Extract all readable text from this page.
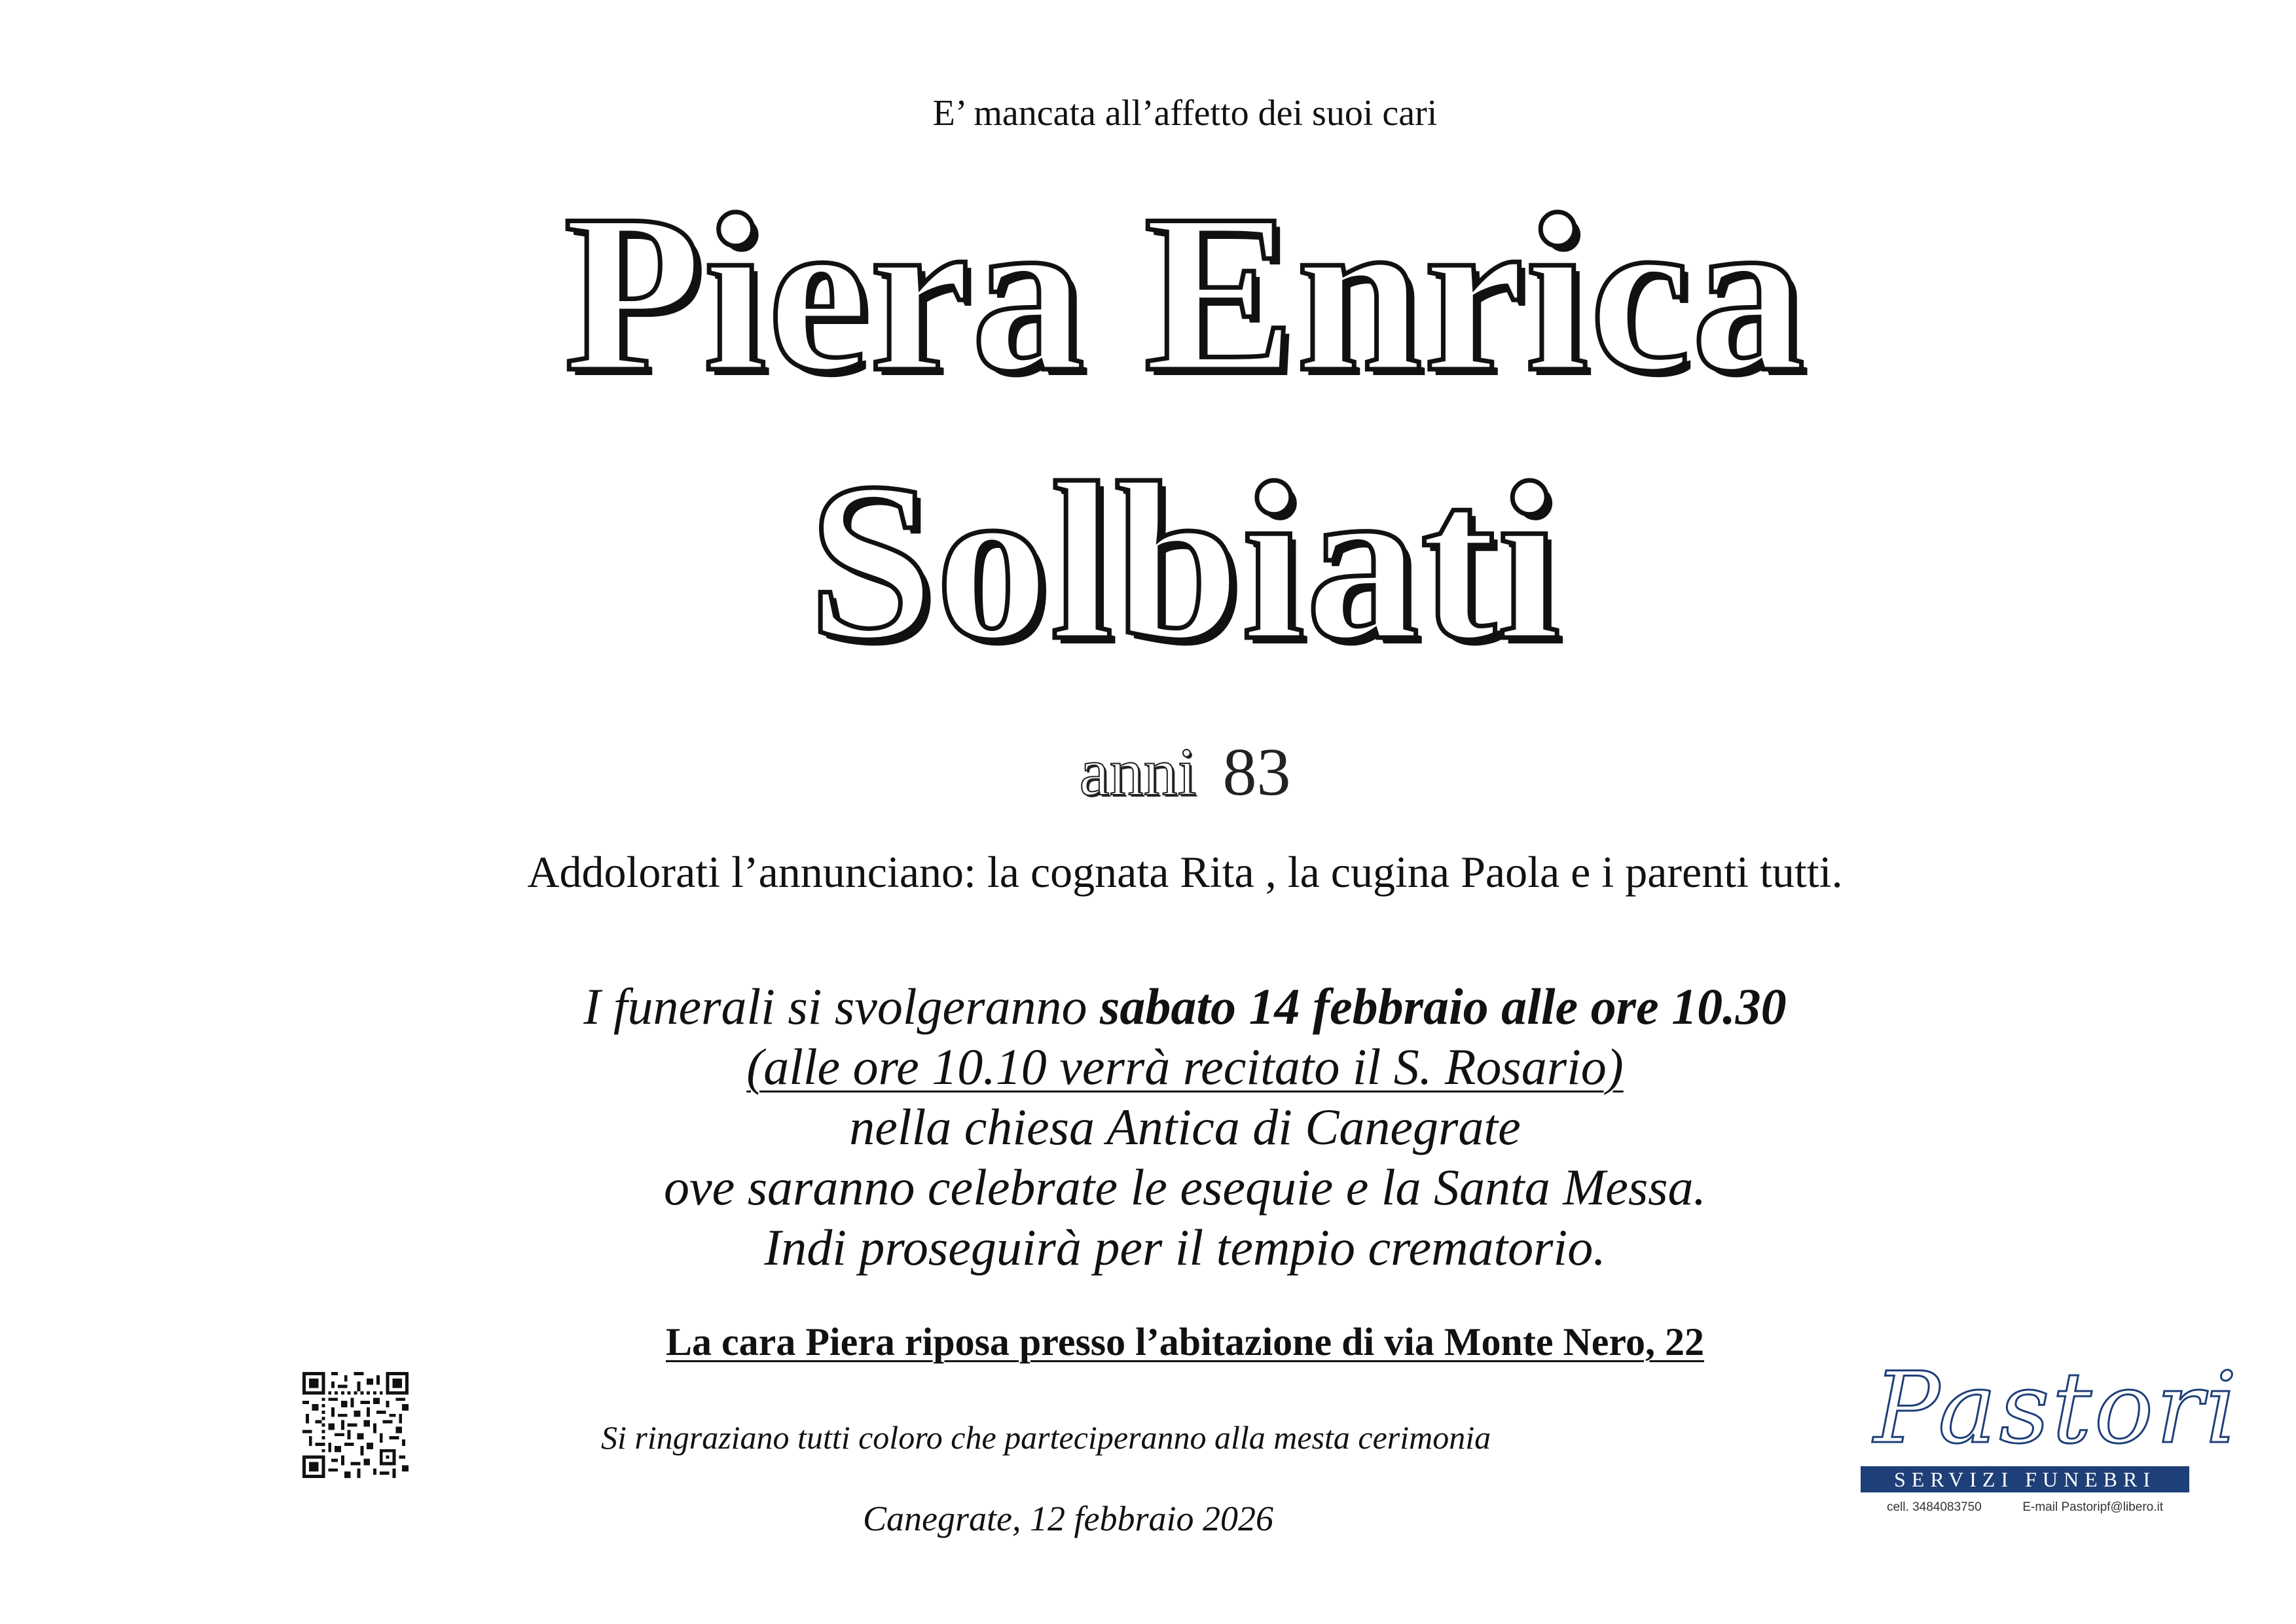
E’ mancata all’affetto dei suoi cari
Piera Enrica
Solbiati
anni 83
Addolorati l’annunciano: la cognata Rita , la cugina Paola e i parenti tutti.
I funerali si svolgeranno sabato 14 febbraio alle ore 10.30
(alle ore 10.10 verrà recitato il S. Rosario)
nella chiesa Antica di Canegrate
ove saranno celebrate le esequie e la Santa Messa.
Indi proseguirà per il tempio crematorio.
La cara Piera riposa presso l’abitazione di via Monte Nero, 22
Si ringraziano tutti coloro che parteciperanno alla mesta cerimonia
Canegrate, 12 febbraio 2026
Pastori
SERVIZI FUNEBRI
cell. 3484083750	E-mail Pastoripf@libero.it
